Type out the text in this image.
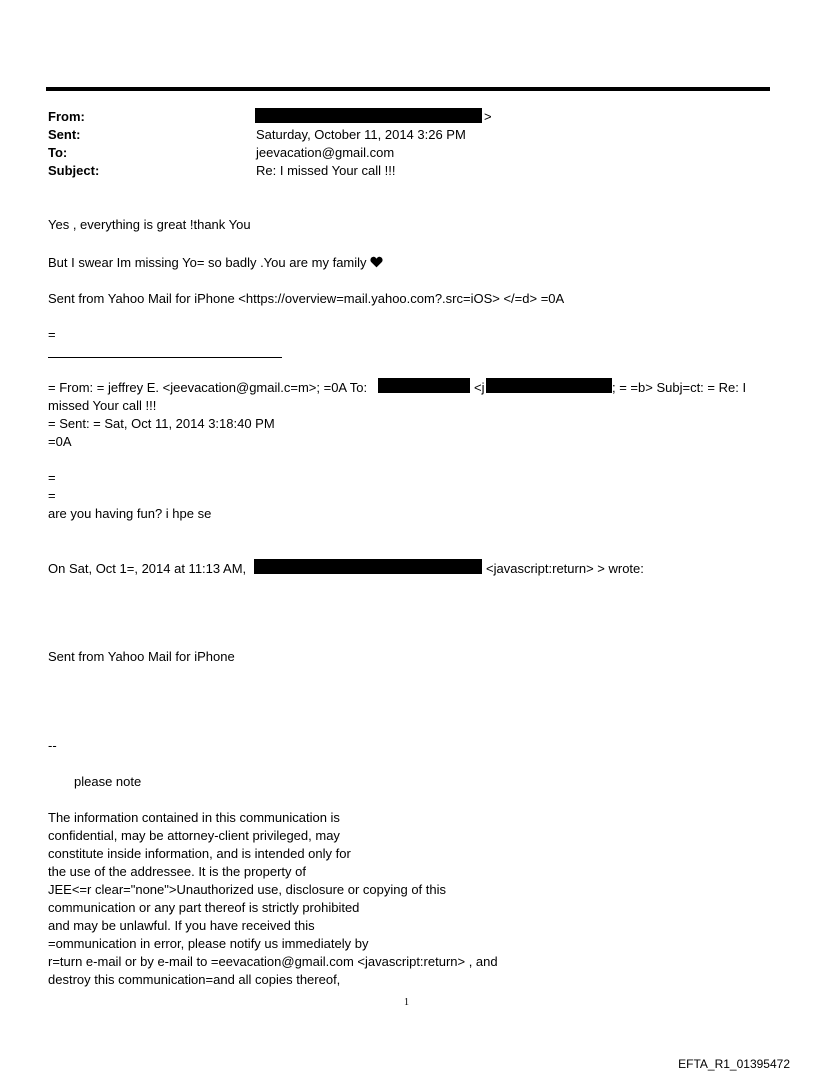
From:	>
Sent:	Saturday, October 11, 2014 3:26 PM
To:	jeevacation@gmail.com
Subject:	Re: I missed Your call !!!
Yes , everything is great !thank You
But I swear Im missing Yo= so badly .You are my family
Sent from Yahoo Mail for iPhone <https://overview=mail.yahoo.com?.src=iOS> </=d> =0A
=
= From: = jeffrey E. <jeevacation@gmail.c=m>; =0A To:	<j	; = =b> Subj=ct: = Re: I
missed Your call !!!
= Sent: = Sat, Oct 11, 2014 3:18:40 PM
=0A
=
=
are you having fun? i hpe se
On Sat, Oct 1=, 2014 at 11:13 AM,	<javascript:return> > wrote:
Sent from Yahoo Mail for iPhone
--
please note
The information contained in this communication is
confidential, may be attorney-client privileged, may
constitute inside information, and is intended only for
the use of the addressee. It is the property of
JEE<=r clear="none">Unauthorized use, disclosure or copying of this
communication or any part thereof is strictly prohibited
and may be unlawful. If you have received this
=ommunication in error, please notify us immediately by
r=turn e-mail or by e-mail to =eevacation@gmail.com <javascript:return> , and
destroy this communication=and all copies thereof,
1
EFTA_R1_01395472
